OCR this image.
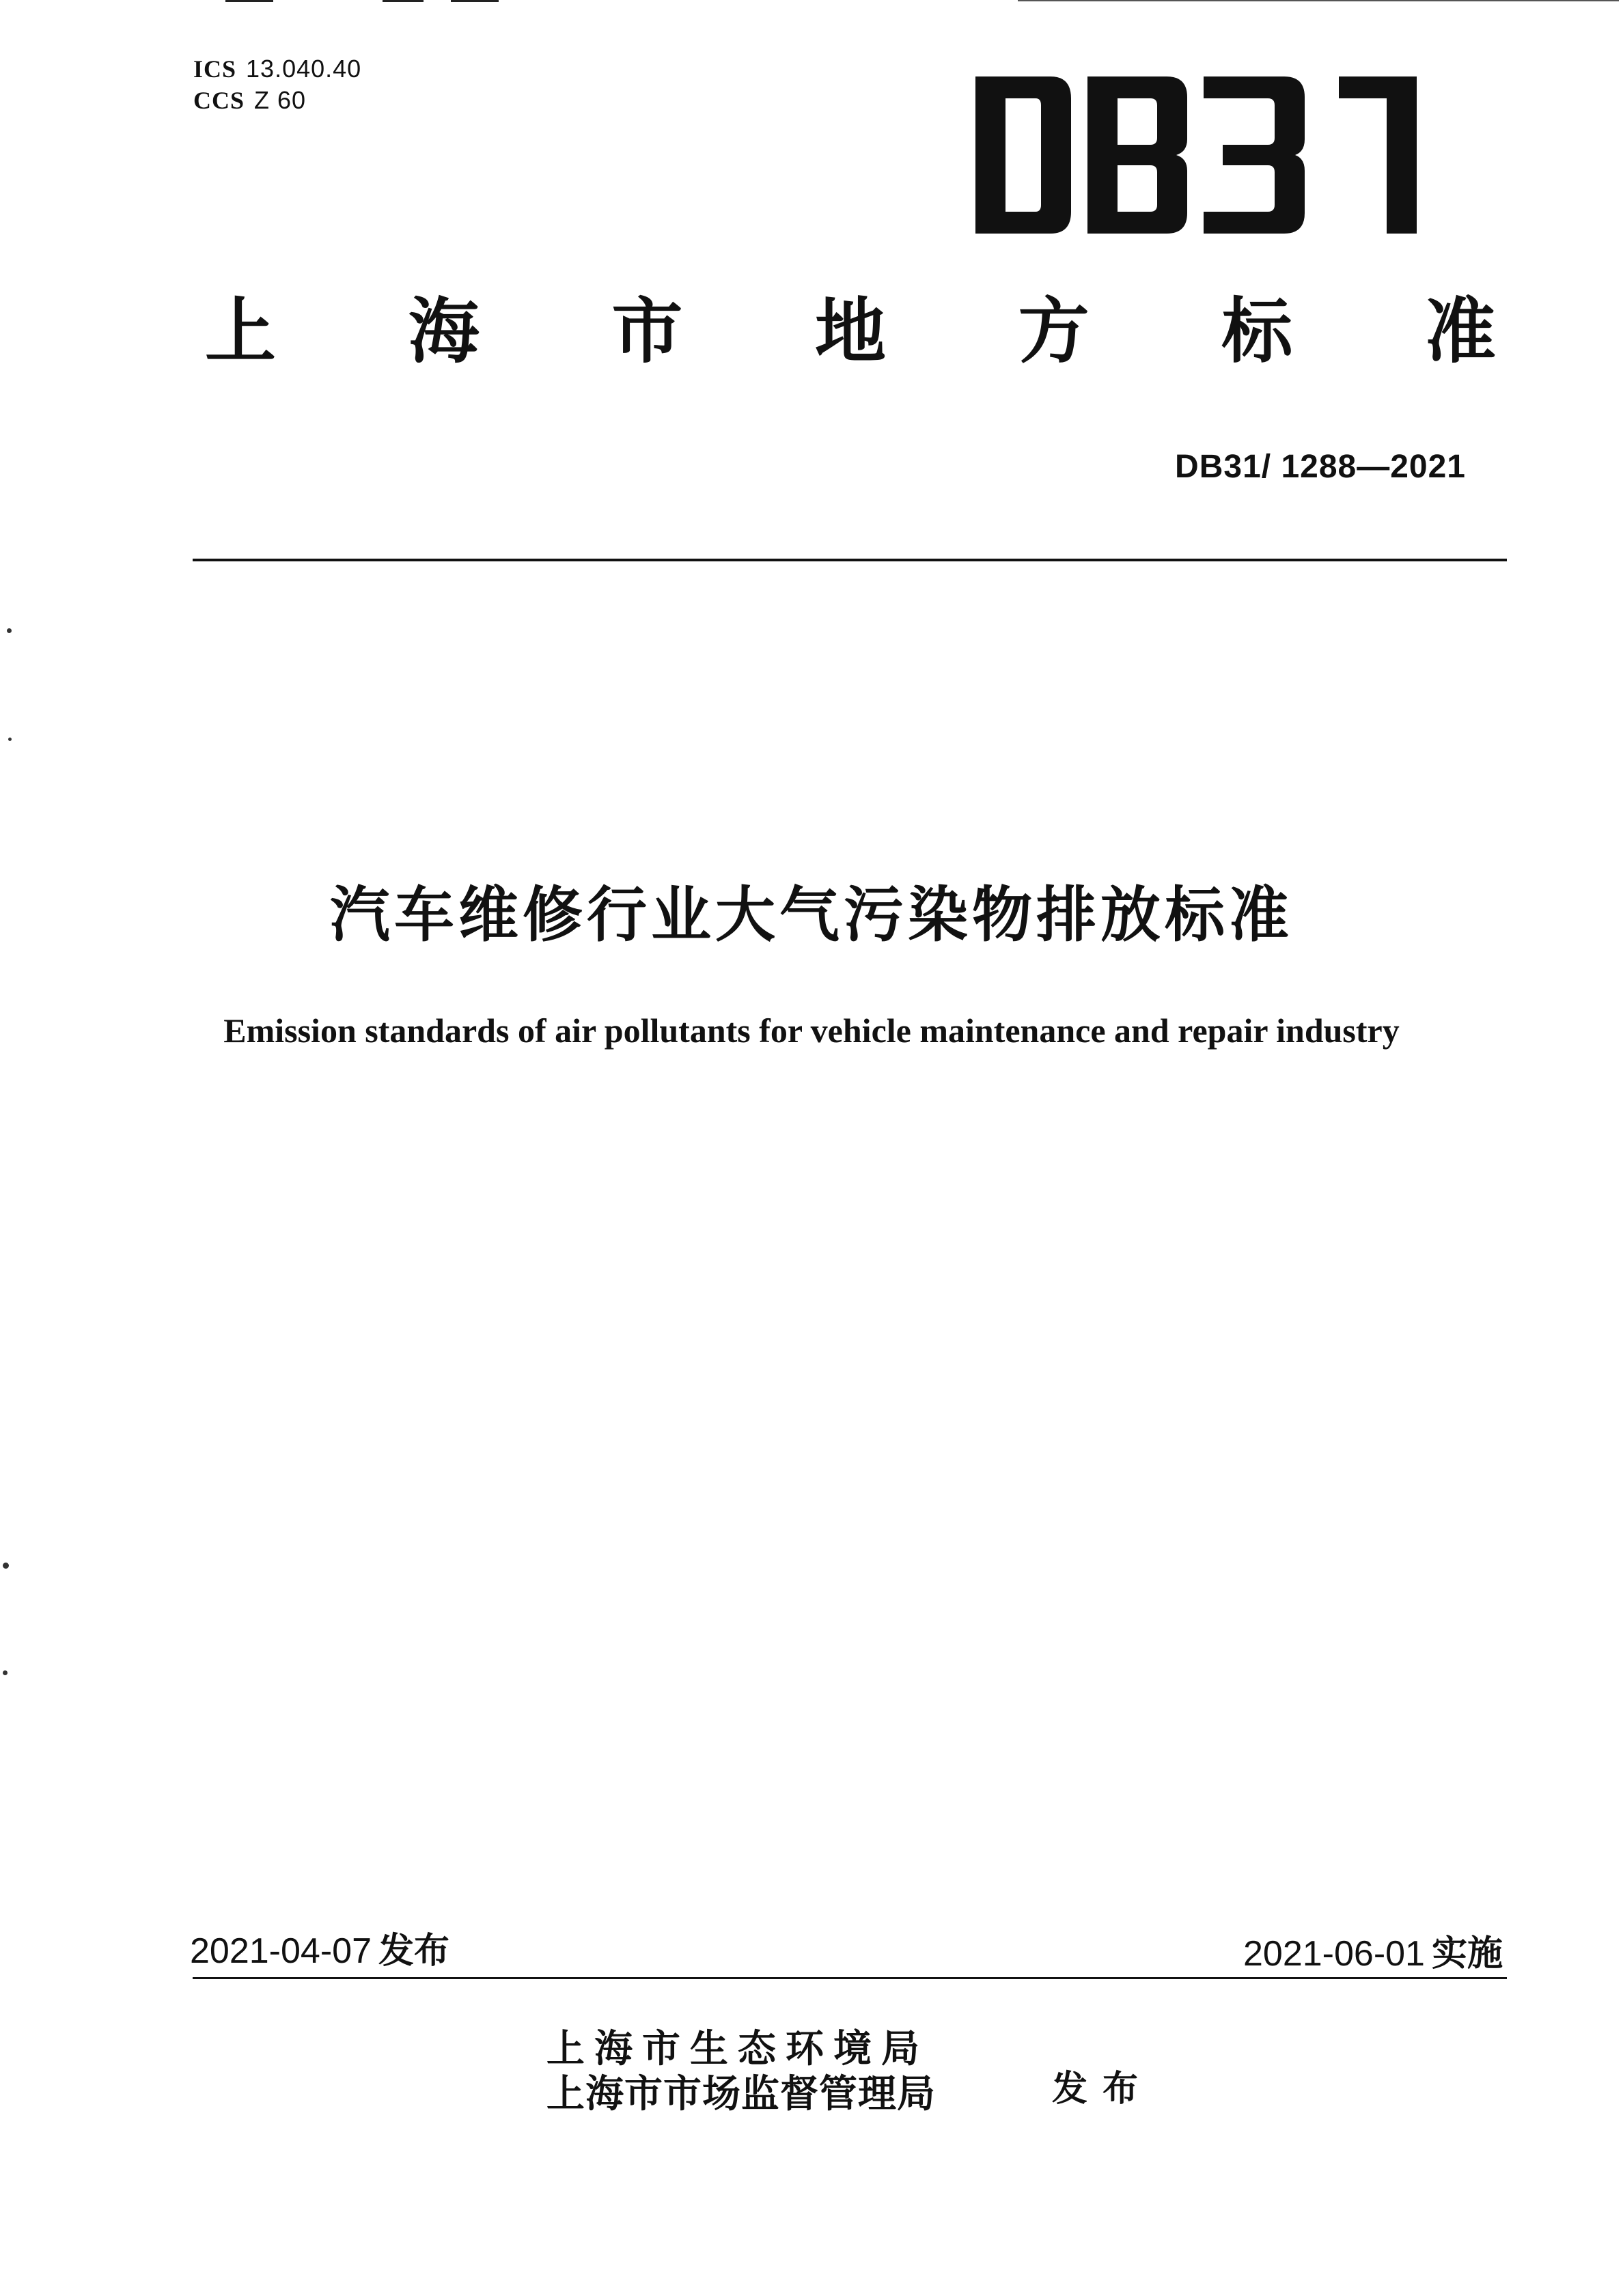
ICS 13.040.40
CCS Z 60
上 海 市 地 方 标 准
DB31/ 1288—2021
汽车维修行业大气污染物排放标准
Emission standards of air pollutants for vehicle maintenance and repair industry
2021-04-07 发布	2021-06-01 实施
上海市生态环境局
上海市市场监督管理局	发布
